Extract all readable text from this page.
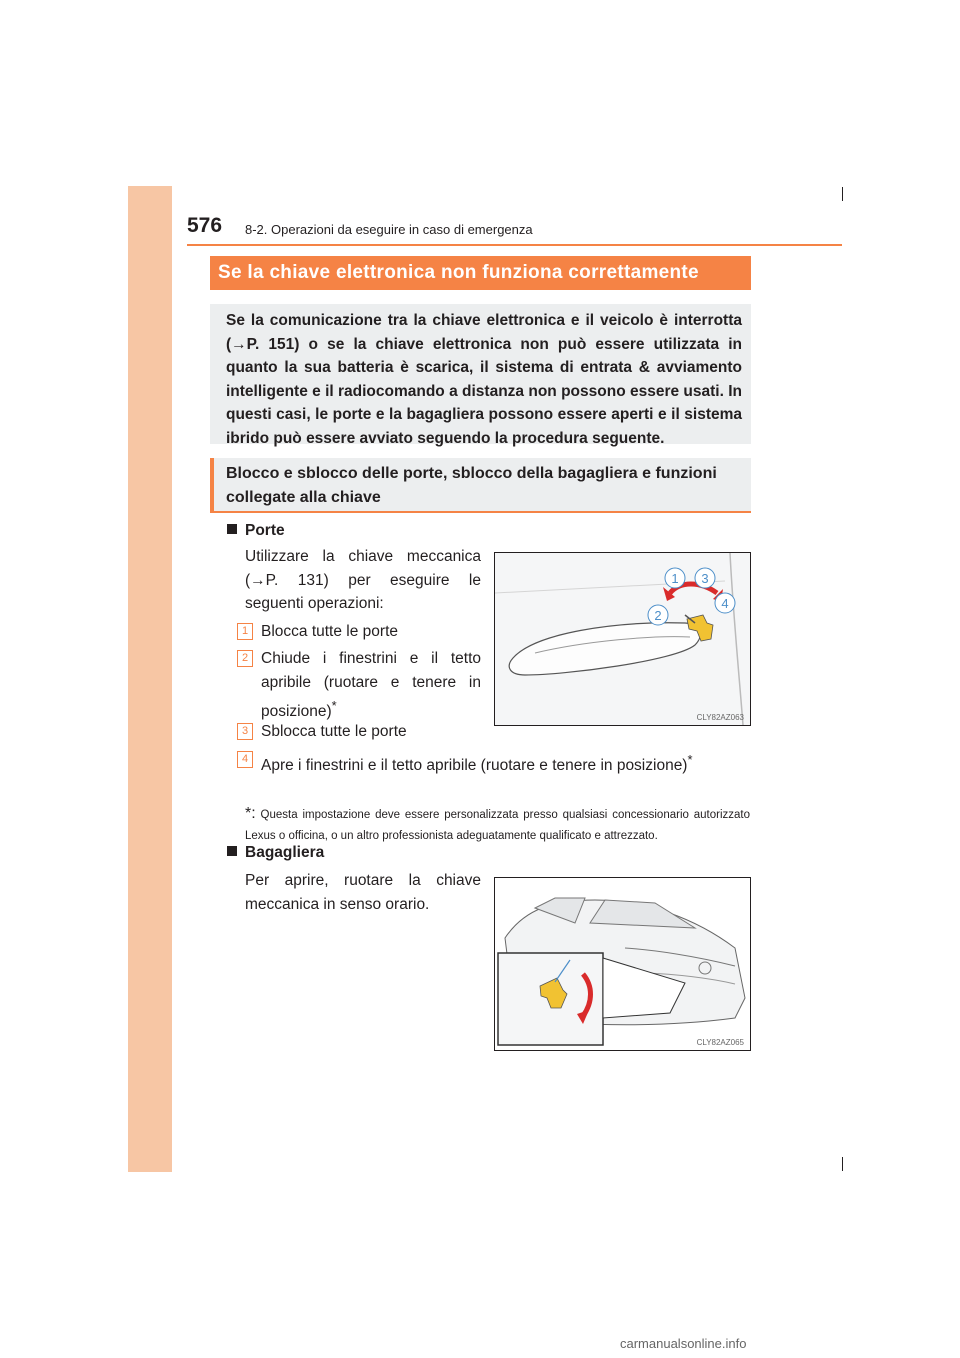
576 8-2. Operazioni da eseguire in caso di emergenza
Se la chiave elettronica non funziona correttamente
Se la comunicazione tra la chiave elettronica e il veicolo è interrotta (→P. 151) o se la chiave elettronica non può essere utilizzata in quanto la sua batteria è scarica, il sistema di entrata & avviamento intelligente e il radiocomando a distanza non possono essere usati. In questi casi, le porte e la bagagliera possono essere aperti e il sistema ibrido può essere avviato seguendo la procedura seguente.
Blocco e sblocco delle porte, sblocco della bagagliera e funzioni collegate alla chiave
Porte
Utilizzare la chiave meccanica (→P. 131) per eseguire le seguenti operazioni:
1 Blocca tutte le porte
2 Chiude i finestrini e il tetto apribile (ruotare e tenere in posizione)*
3 Sblocca tutte le porte
4 Apre i finestrini e il tetto apribile (ruotare e tenere in posizione)*
*: Questa impostazione deve essere personalizzata presso qualsiasi concessionario autorizzato Lexus o officina, o un altro professionista adeguatamente qualificato e attrezzato.
1 3
2
4
CLY82AZ063
Bagagliera
Per aprire, ruotare la chiave meccanica in senso orario.
CLY82AZ065
carmanualsonline.info
